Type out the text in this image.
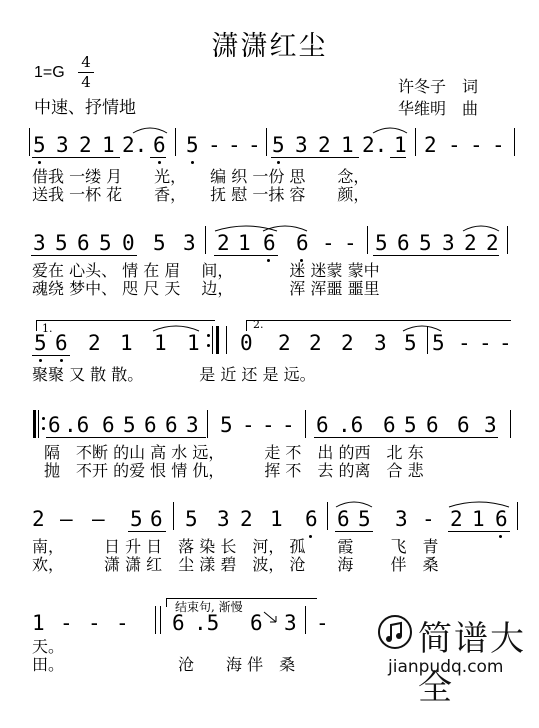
潇潇红尘
1=G
4
4
中速、抒情地
许冬子　词
华维明　曲
5 3 2 1 2. 6 5 - - - 5 3 2 1 2. 1 2 - - -
借我 一缕 月　　光，　　编 织 一份 思　　念，
送我 一杯 花　　香，　　抚 慰 一抹 容　　颜，
3 5 6 5 0 5 3 2 1 6 6 - - 5 6 5 3 2 2
爱在 心头、 情 在 眉　 间，　　　　迷 迷蒙 蒙中
魂绕 梦中、 咫 尺 天　 边，　　　　浑 浑噩 噩里
1.	2.
5 6 2 1 1 1 0 2 2 2 3 5 5 - - -
聚聚 又 散 散。　　　　是 近 还 是 远。
6 .6 6 5 6 6 3 5 - - - 6 .6 6 5 6 6 3
隔　不断 的山 高 水 远，　　　走 不　出 的西　北 东
抛　不开 的爱 恨 情 仇，　　　挥 不　去 的离　合 悲
2 — — 5 6 5 3 2 1 6 6 5 3 - 2 1 6
南，　　　日 升 日　落 染 长　河， 孤　　霞　　 飞　青
欢，　　　潇 潇 红　尘 漾 碧　波， 沧　　海　　 伴　桑
1 - - -
结束句, 渐慢
6 .5 6 3 -
天。
田。	沧　　海 伴　桑
简谱大全
jianpudq.com
